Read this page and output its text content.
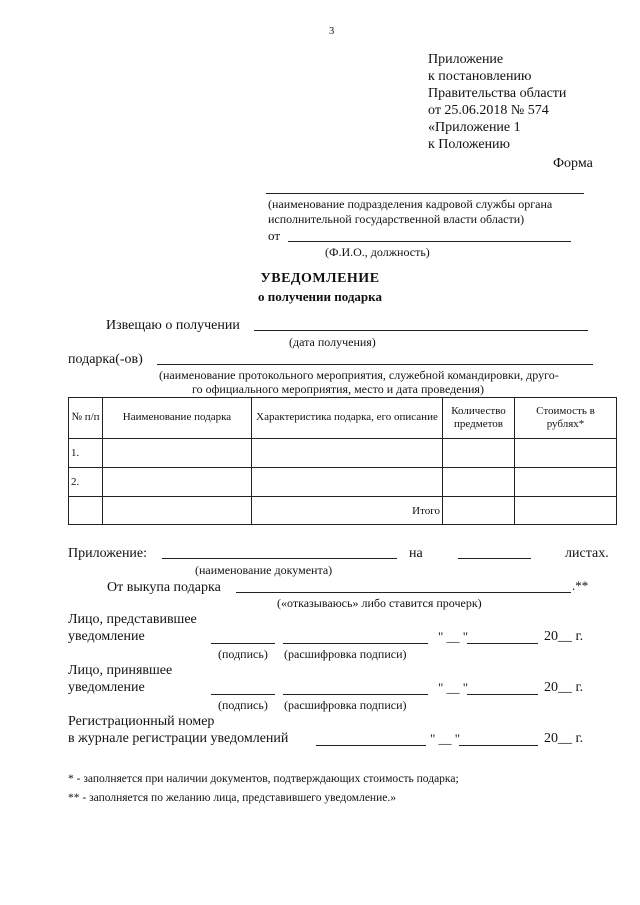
3
Приложение
к постановлению
Правительства области
от 25.06.2018 № 574
«Приложение 1
к Положению
Форма
(наименование подразделения кадровой службы органа
исполнительной государственной власти области)
от
(Ф.И.О., должность)
УВЕДОМЛЕНИЕ
о получении подарка
Извещаю о получении
(дата получения)
подарка(-ов)
(наименование протокольного мероприятия, служебной командировки, друго-
го официального мероприятия, место и дата проведения)
№ п/п	Наименование подарка	Характеристика подарка, его описание	Количество предметов	Стоимость в рублях*
1.				
2.				
		Итого		
Приложение:	на	листах.
(наименование документа)
От выкупа подарка	.**
(«отказываюсь» либо ставится прочерк)
Лицо, представившее
уведомление	" __ "	20__ г.
(подпись) (расшифровка подписи)
Лицо, принявшее
уведомление	" __ "	20__ г.
(подпись) (расшифровка подписи)
Регистрационный номер
в журнале регистрации уведомлений	" __ "	20__ г.
* - заполняется при наличии документов, подтверждающих стоимость подарка;
** - заполняется по желанию лица, представившего уведомление.»
